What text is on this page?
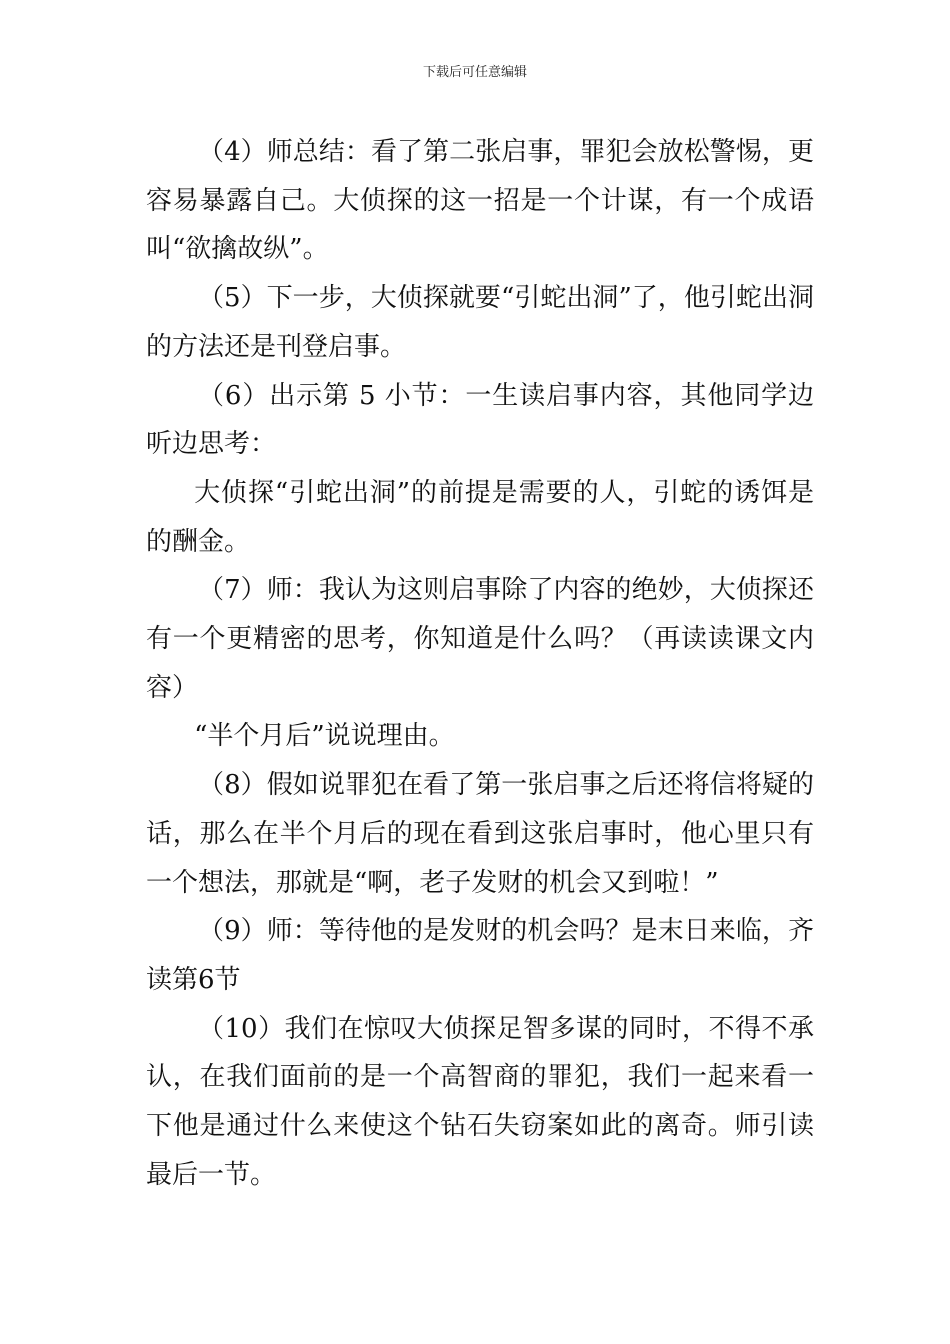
下载后可任意编辑

（4）师总结：看了第二张启事，罪犯会放松警惕，更容易暴露自己。大侦探的这一招是一个计谋，有一个成语叫“欲擒故纵”。

（5）下一步，大侦探就要“引蛇出洞”了，他引蛇出洞的方法还是刊登启事。

（6）出示第 5 小节：一生读启事内容，其他同学边听边思考：

大侦探“引蛇出洞”的前提是需要的人，引蛇的诱饵是的酬金。

（7）师：我认为这则启事除了内容的绝妙，大侦探还有一个更精密的思考，你知道是什么吗？（再读读课文内容）

“半个月后”说说理由。

（8）假如说罪犯在看了第一张启事之后还将信将疑的话，那么在半个月后的现在看到这张启事时，他心里只有一个想法，那就是“啊，老子发财的机会又到啦！”

（9）师：等待他的是发财的机会吗？是末日来临，齐读第6节

（10）我们在惊叹大侦探足智多谋的同时，不得不承认，在我们面前的是一个高智商的罪犯，我们一起来看一下他是通过什么来使这个钻石失窃案如此的离奇。师引读最后一节。
